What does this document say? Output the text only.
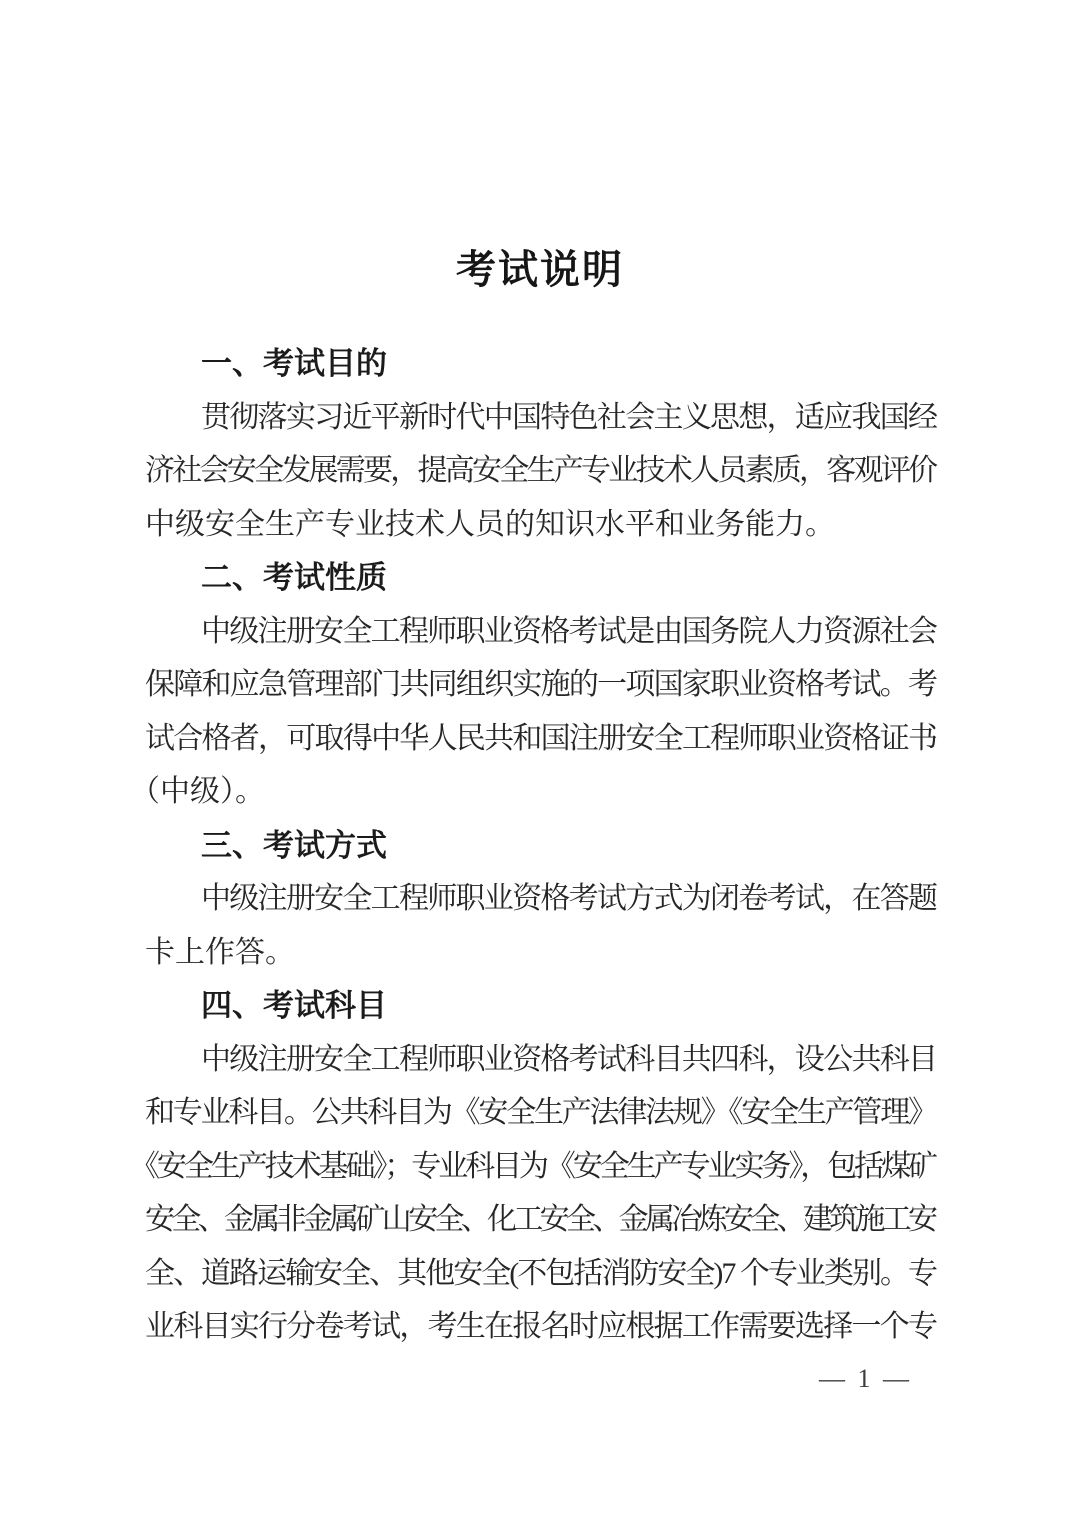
考试说明
一、考试目的
贯彻落实习近平新时代中国特色社会主义思想，适应我国经
济社会安全发展需要，提高安全生产专业技术人员素质，客观评价
中级安全生产专业技术人员的知识水平和业务能力。
二、考试性质
中级注册安全工程师职业资格考试是由国务院人力资源社会
保障和应急管理部门共同组织实施的一项国家职业资格考试。考
试合格者，可取得中华人民共和国注册安全工程师职业资格证书
（中级）。
三、考试方式
中级注册安全工程师职业资格考试方式为闭卷考试，在答题
卡上作答。
四、考试科目
中级注册安全工程师职业资格考试科目共四科，设公共科目
和专业科目。公共科目为《安全生产法律法规》《安全生产管理》
《安全生产技术基础》；专业科目为《安全生产专业实务》，包括煤矿
安全、金属非金属矿山安全、化工安全、金属冶炼安全、建筑施工安
全、道路运输安全、其他安全(不包括消防安全)7 个专业类别。专
业科目实行分卷考试，考生在报名时应根据工作需要选择一个专
— 1 —
